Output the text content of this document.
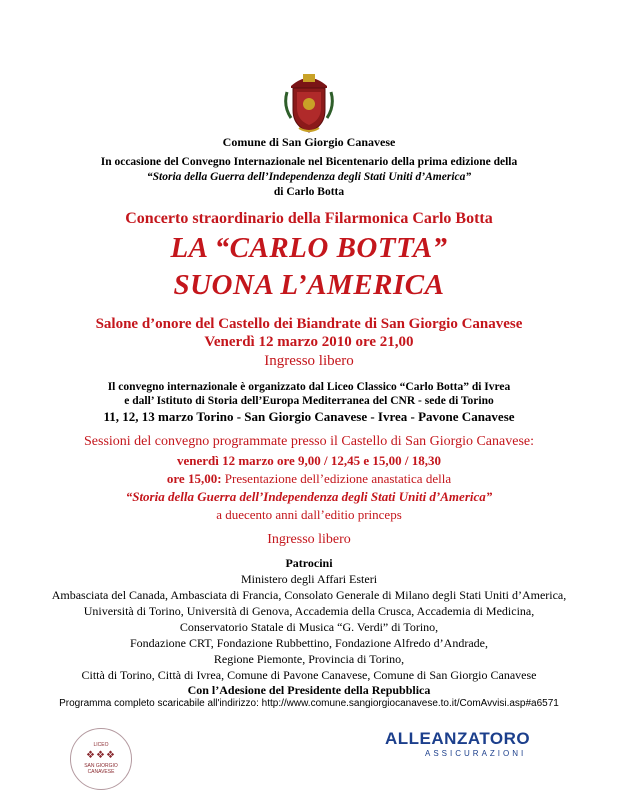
Comune di San Giorgio Canavese
In occasione del Convegno Internazionale nel Bicentenario della prima edizione della
“Storia della Guerra dell’Independenza degli Stati Uniti d’America”
di Carlo Botta
Concerto straordinario della Filarmonica Carlo Botta
LA “CARLO BOTTA”
SUONA L’AMERICA
Salone d’onore del Castello dei Biandrate di San Giorgio Canavese
Venerdì 12 marzo 2010 ore 21,00
Ingresso libero
Il convegno internazionale è organizzato dal Liceo Classico “Carlo Botta” di Ivrea
e dall’ Istituto di Storia dell’Europa Mediterranea del CNR - sede di Torino
11, 12, 13 marzo Torino - San Giorgio Canavese - Ivrea - Pavone Canavese
Sessioni del convegno programmate presso il Castello di San Giorgio Canavese:
venerdì 12 marzo ore 9,00 / 12,45 e 15,00 / 18,30
ore 15,00: Presentazione dell’edizione anastatica della
“Storia della Guerra dell’Independenza degli Stati Uniti d’America”
a duecento anni dall’editio princeps
Ingresso libero
Patrocini
Ministero degli Affari Esteri
Ambasciata del Canada, Ambasciata di Francia, Consolato Generale di Milano degli Stati Uniti d’America,
Università di Torino, Università di Genova, Accademia della Crusca, Accademia di Medicina,
Conservatorio Statale di Musica “G. Verdi” di Torino,
Fondazione CRT, Fondazione Rubbettino, Fondazione Alfredo d’Andrade,
Regione Piemonte, Provincia di Torino,
Città di Torino, Città di Ivrea, Comune di Pavone Canavese, Comune di San Giorgio Canavese
Con l’Adesione del Presidente della Repubblica
Programma completo scaricabile all'indirizzo: http://www.comune.sangiorgiocanavese.to.it/ComAvvisi.asp#a6571
LICEO
❖❖❖
SAN GIORGIO
CANAVESE
ALLEANZATORO
ASSICURAZIONI
